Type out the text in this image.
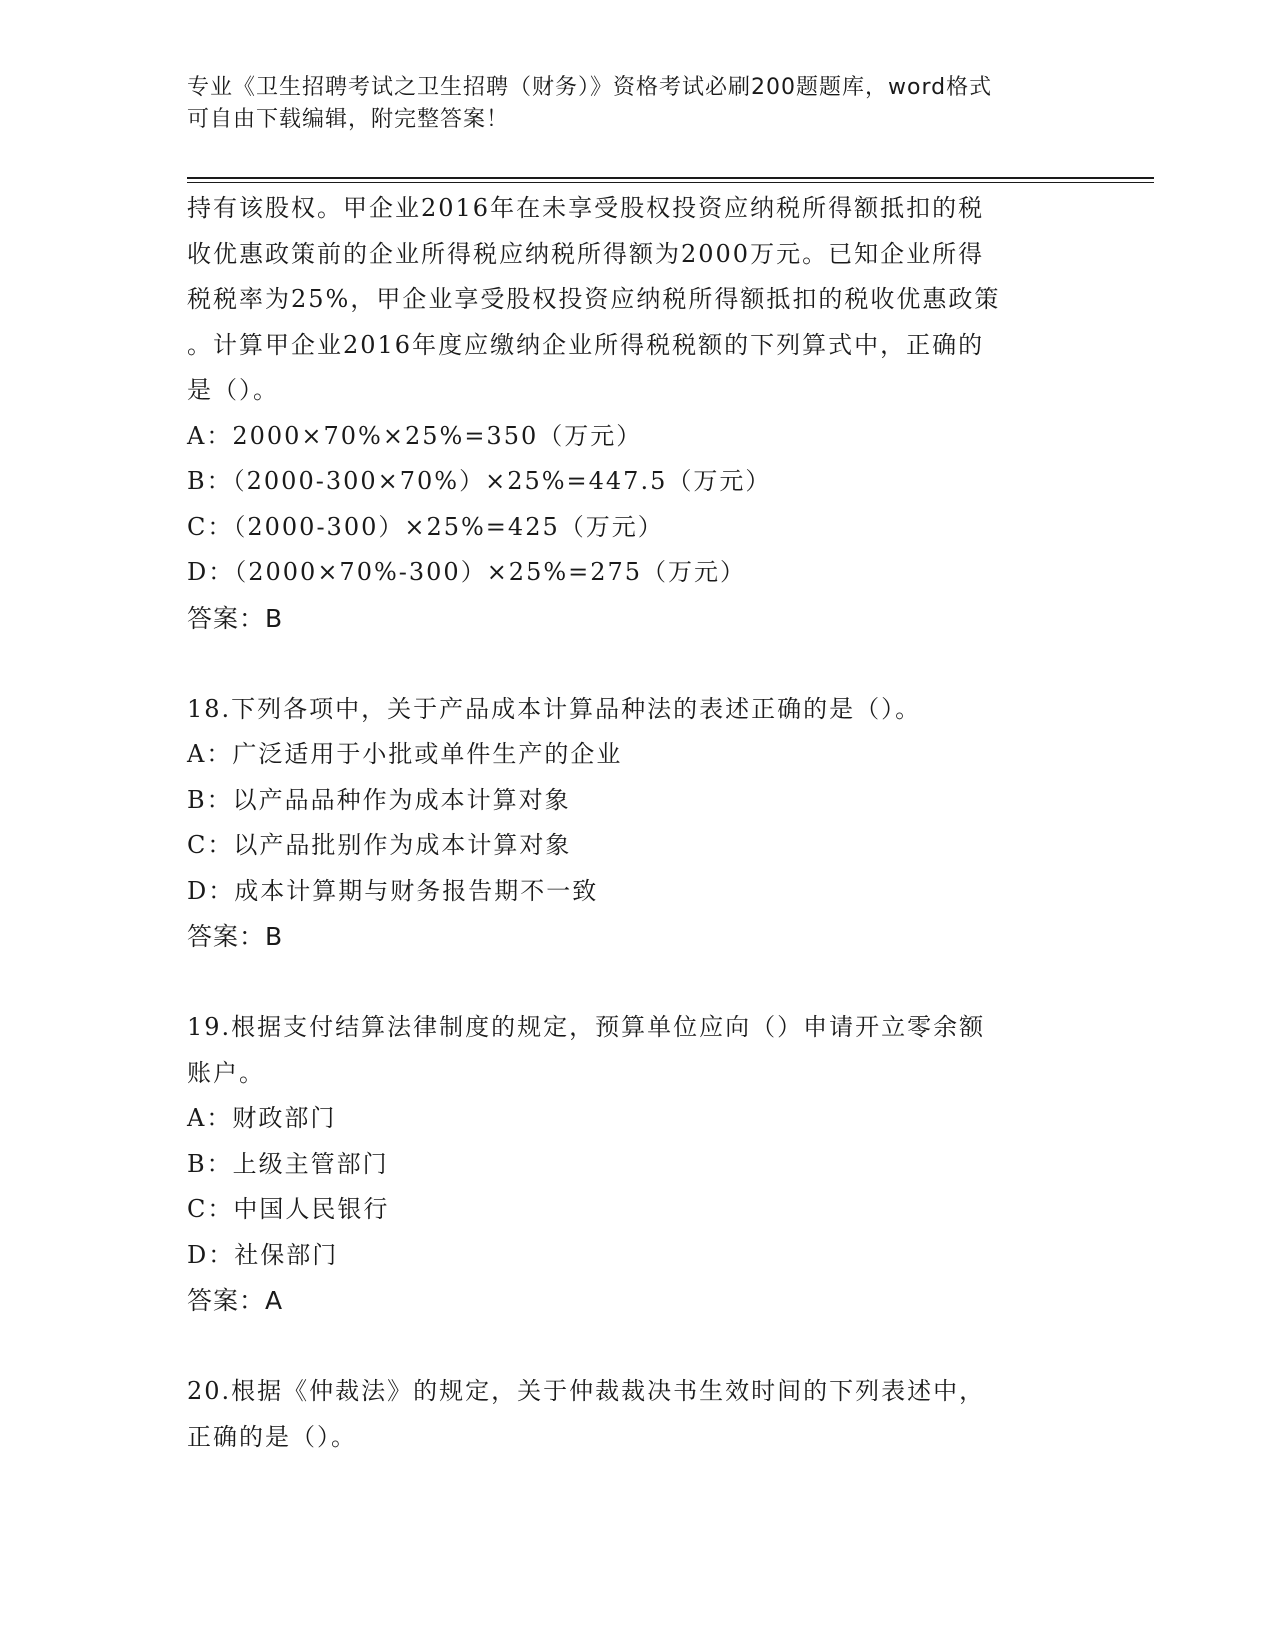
专业《卫生招聘考试之卫生招聘（财务）》资格考试必刷200题题库，word格式
可自由下载编辑，附完整答案！
持有该股权。甲企业2016年在未享受股权投资应纳税所得额抵扣的税
收优惠政策前的企业所得税应纳税所得额为2000万元。已知企业所得
税税率为25%，甲企业享受股权投资应纳税所得额抵扣的税收优惠政策
。计算甲企业2016年度应缴纳企业所得税税额的下列算式中，正确的
是（）。
A：2000×70%×25%=350（万元）
B：（2000-300×70%）×25%=447.5（万元）
C：（2000-300）×25%=425（万元）
D：（2000×70%-300）×25%=275（万元）
答案：B
18.下列各项中，关于产品成本计算品种法的表述正确的是（）。
A：广泛适用于小批或单件生产的企业
B：以产品品种作为成本计算对象
C：以产品批别作为成本计算对象
D：成本计算期与财务报告期不一致
答案：B
19.根据支付结算法律制度的规定，预算单位应向（）申请开立零余额
账户。
A：财政部门
B：上级主管部门
C：中国人民银行
D：社保部门
答案：A
20.根据《仲裁法》的规定，关于仲裁裁决书生效时间的下列表述中，
正确的是（）。
